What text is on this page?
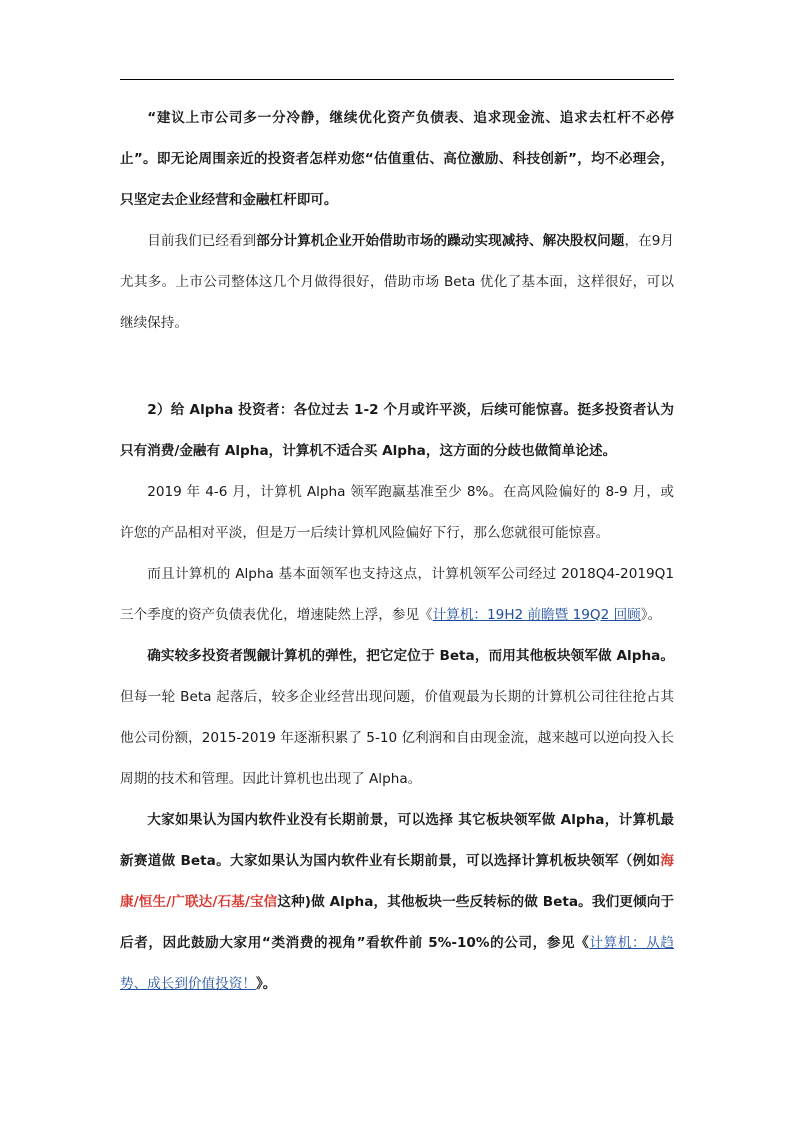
“建议上市公司多一分冷静，继续优化资产负债表、追求现金流、追求去杠杆不必停止”。即无论周围亲近的投资者怎样劝您“估值重估、高位激励、科技创新”，均不必理会，只坚定去企业经营和金融杠杆即可。

目前我们已经看到部分计算机企业开始借助市场的躁动实现减持、解决股权问题，在9月尤其多。上市公司整体这几个月做得很好，借助市场 Beta 优化了基本面，这样很好，可以继续保持。

2）给 Alpha 投资者：各位过去 1-2 个月或许平淡，后续可能惊喜。挺多投资者认为只有消费/金融有 Alpha，计算机不适合买 Alpha，这方面的分歧也做简单论述。

2019 年 4-6 月，计算机 Alpha 领军跑赢基准至少 8%。在高风险偏好的 8-9 月，或许您的产品相对平淡，但是万一后续计算机风险偏好下行，那么您就很可能惊喜。

而且计算机的 Alpha 基本面领军也支持这点，计算机领军公司经过 2018Q4-2019Q1 三个季度的资产负债表优化，增速陡然上浮，参见《计算机：19H2 前瞻暨 19Q2 回顾》。

确实较多投资者觊觎计算机的弹性，把它定位于 Beta，而用其他板块领军做 Alpha。但每一轮 Beta 起落后，较多企业经营出现问题，价值观最为长期的计算机公司往往抢占其他公司份额，2015-2019 年逐渐积累了 5-10 亿利润和自由现金流，越来越可以逆向投入长周期的技术和管理。因此计算机也出现了 Alpha。

大家如果认为国内软件业没有长期前景，可以选择 其它板块领军做 Alpha，计算机最新赛道做 Beta。大家如果认为国内软件业有长期前景，可以选择计算机板块领军（例如海康/恒生/广联达/石基/宝信这种)做 Alpha，其他板块一些反转标的做 Beta。我们更倾向于后者，因此鼓励大家用“类消费的视角”看软件前 5%-10%的公司，参见《计算机：从趋势、成长到价值投资！》。
